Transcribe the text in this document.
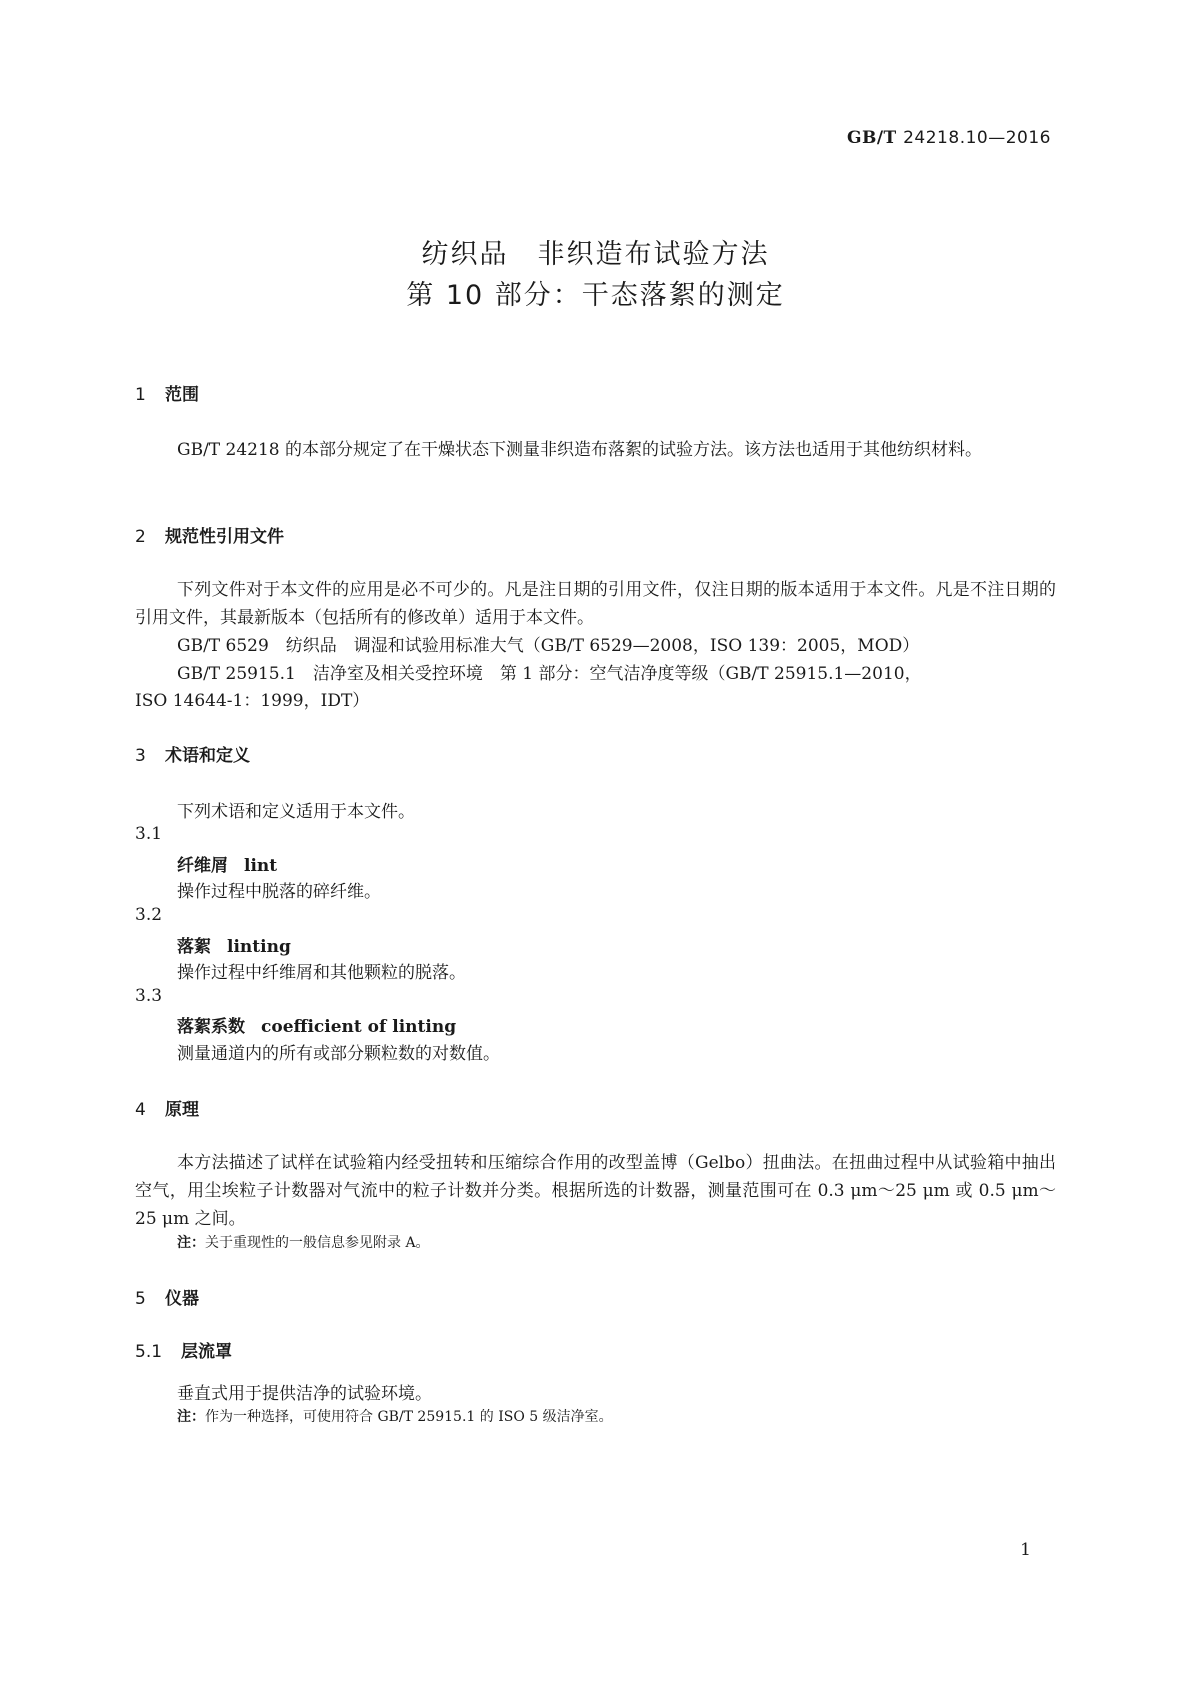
GB/T 24218.10—2016
纺织品　非织造布试验方法
第 10 部分：干态落絮的测定
1 范围
GB/T 24218 的本部分规定了在干燥状态下测量非织造布落絮的试验方法。该方法也适用于其他纺织材料。
2 规范性引用文件
下列文件对于本文件的应用是必不可少的。凡是注日期的引用文件，仅注日期的版本适用于本文件。凡是不注日期的引用文件，其最新版本（包括所有的修改单）适用于本文件。
GB/T 6529　纺织品　调湿和试验用标准大气（GB/T 6529—2008，ISO 139：2005，MOD）
GB/T 25915.1　洁净室及相关受控环境　第 1 部分：空气洁净度等级（GB/T 25915.1—2010，
ISO 14644-1：1999，IDT）
3 术语和定义
下列术语和定义适用于本文件。
3.1
纤维屑 lint
操作过程中脱落的碎纤维。
3.2
落絮 linting
操作过程中纤维屑和其他颗粒的脱落。
3.3
落絮系数 coefficient of linting
测量通道内的所有或部分颗粒数的对数值。
4 原理
本方法描述了试样在试验箱内经受扭转和压缩综合作用的改型盖博（Gelbo）扭曲法。在扭曲过程中从试验箱中抽出空气，用尘埃粒子计数器对气流中的粒子计数并分类。根据所选的计数器，测量范围可在 0.3 μm～25 μm 或 0.5 μm～25 μm 之间。
注：关于重现性的一般信息参见附录 A。
5 仪器
5.1 层流罩
垂直式用于提供洁净的试验环境。
注：作为一种选择，可使用符合 GB/T 25915.1 的 ISO 5 级洁净室。
1
